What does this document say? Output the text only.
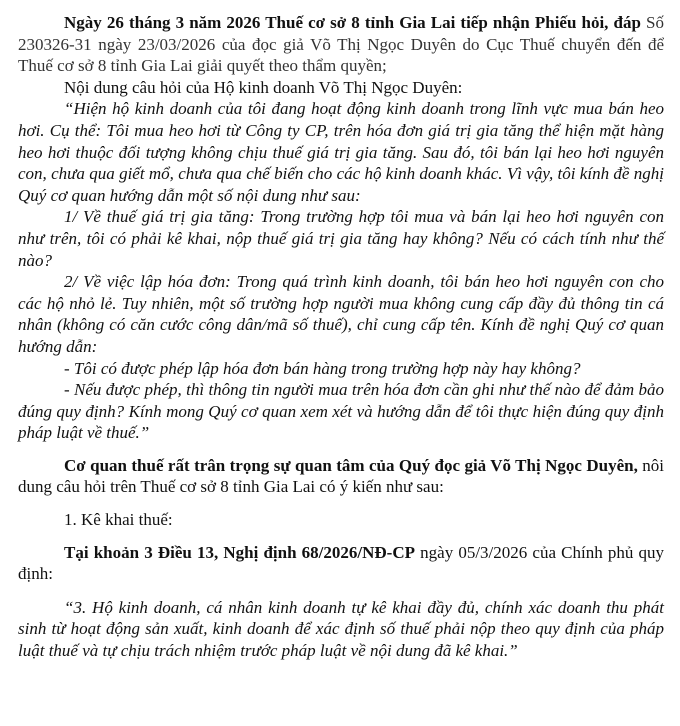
Ngày 26 tháng 3 năm 2026 Thuế cơ sở 8 tỉnh Gia Lai tiếp nhận Phiếu hỏi, đáp Số 230326-31 ngày 23/03/2026 của đọc giả Võ Thị Ngọc Duyên do Cục Thuế chuyển đến để Thuế cơ sở 8 tỉnh Gia Lai giải quyết theo thẩm quyền;

Nội dung câu hỏi của Hộ kinh doanh Võ Thị Ngọc Duyên:

“Hiện hộ kinh doanh của tôi đang hoạt động kinh doanh trong lĩnh vực mua bán heo hơi. Cụ thể: Tôi mua heo hơi từ Công ty CP, trên hóa đơn giá trị gia tăng thể hiện mặt hàng heo hơi thuộc đối tượng không chịu thuế giá trị gia tăng. Sau đó, tôi bán lại heo hơi nguyên con, chưa qua giết mổ, chưa qua chế biến cho các hộ kinh doanh khác. Vì vậy, tôi kính đề nghị Quý cơ quan hướng dẫn một số nội dung như sau:

1/ Về thuế giá trị gia tăng: Trong trường hợp tôi mua và bán lại heo hơi nguyên con như trên, tôi có phải kê khai, nộp thuế giá trị gia tăng hay không? Nếu có cách tính như thế nào?

2/ Về việc lập hóa đơn: Trong quá trình kinh doanh, tôi bán heo hơi nguyên con cho các hộ nhỏ lẻ. Tuy nhiên, một số trường hợp người mua không cung cấp đầy đủ thông tin cá nhân (không có căn cước công dân/mã số thuế), chỉ cung cấp tên. Kính đề nghị Quý cơ quan hướng dẫn:

- Tôi có được phép lập hóa đơn bán hàng trong trường hợp này hay không?

- Nếu được phép, thì thông tin người mua trên hóa đơn cần ghi như thế nào để đảm bảo đúng quy định? Kính mong Quý cơ quan xem xét và hướng dẫn để tôi thực hiện đúng quy định pháp luật về thuế.”

Cơ quan thuế rất trân trọng sự quan tâm của Quý đọc giả Võ Thị Ngọc Duyên, nôi dung câu hỏi trên Thuế cơ sở 8 tỉnh Gia Lai có ý kiến như sau:

1. Kê khai thuế:

Tại khoản 3 Điều 13, Nghị định 68/2026/NĐ-CP ngày 05/3/2026 của Chính phủ quy định:

“3. Hộ kinh doanh, cá nhân kinh doanh tự kê khai đầy đủ, chính xác doanh thu phát sinh từ hoạt động sản xuất, kinh doanh để xác định số thuế phải nộp theo quy định của pháp luật thuế và tự chịu trách nhiệm trước pháp luật về nội dung đã kê khai.”
